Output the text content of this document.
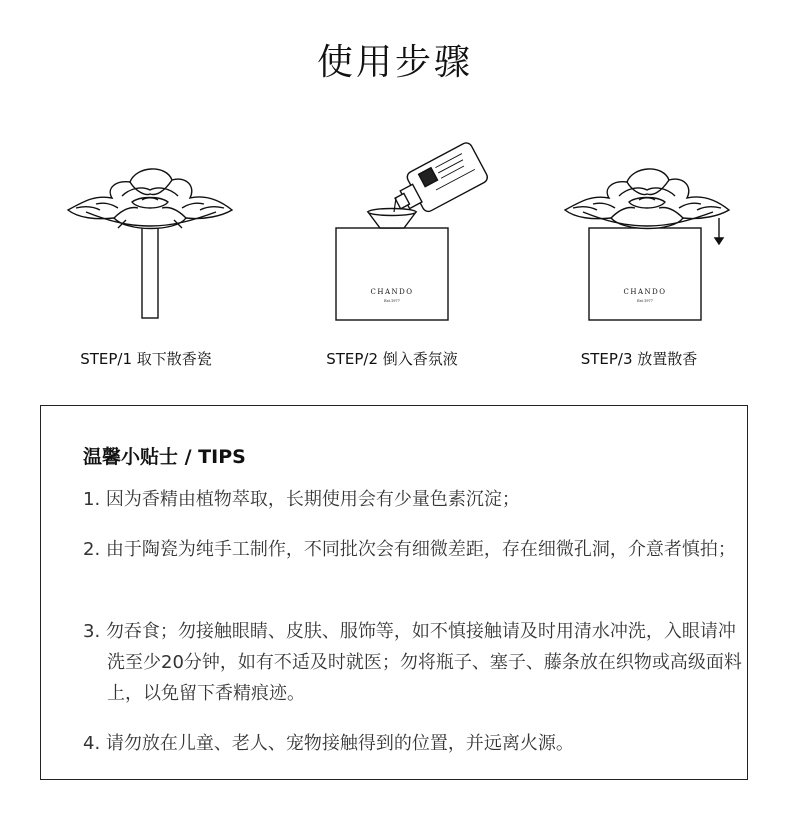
使用步骤
STEP/1 取下散香瓷
CHANDO
Est.1977
STEP/2 倒入香氛液
CHANDO
Est.1977
STEP/3 放置散香
温馨小贴士 / TIPS
1. 因为香精由植物萃取，长期使用会有少量色素沉淀；
2. 由于陶瓷为纯手工制作，不同批次会有细微差距，存在细微孔洞，介意者慎拍；
3. 勿吞食；勿接触眼睛、皮肤、服饰等，如不慎接触请及时用清水冲洗，入眼请冲洗至少20分钟，如有不适及时就医；勿将瓶子、塞子、藤条放在织物或高级面料上，以免留下香精痕迹。
4. 请勿放在儿童、老人、宠物接触得到的位置，并远离火源。
